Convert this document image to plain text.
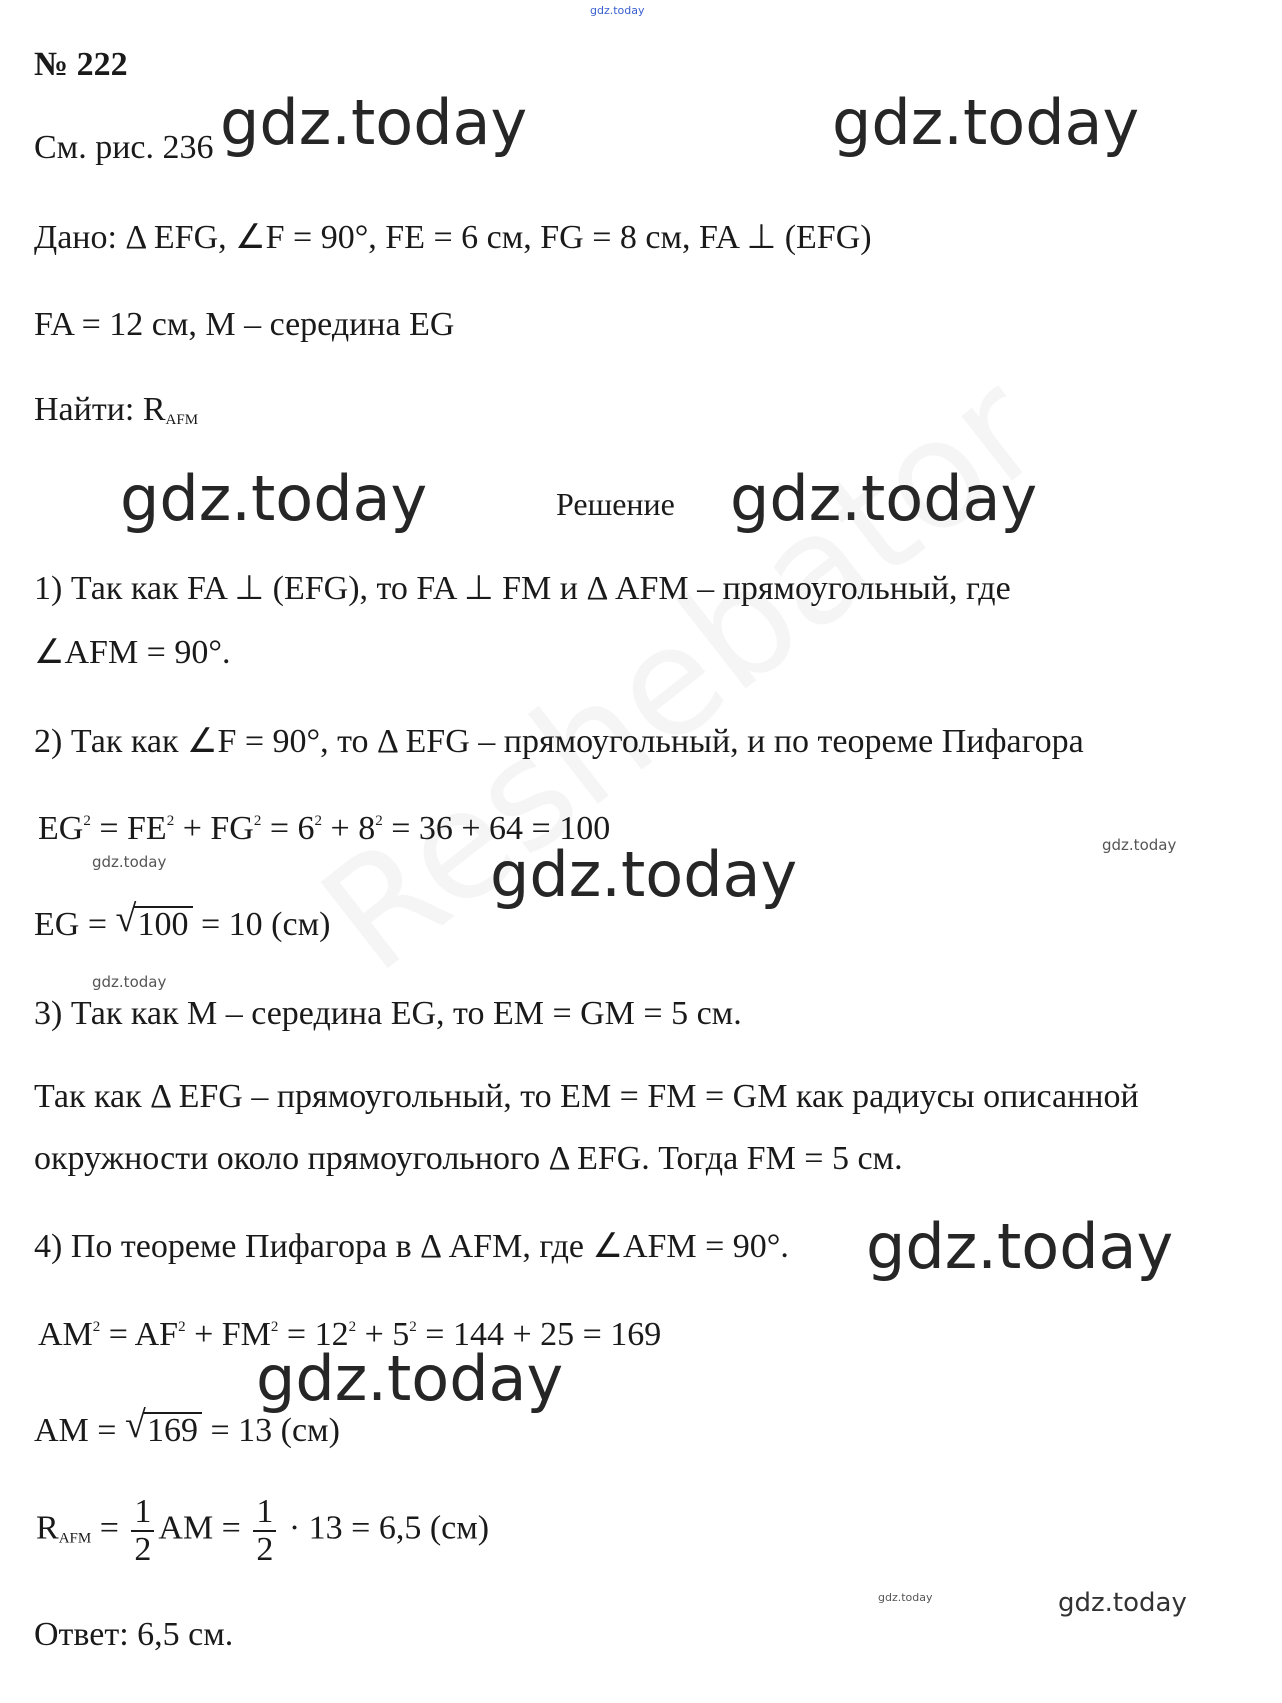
gdz.today
gdz.today	gdz.today
gdz.today	gdz.today
gdz.today
gdz.today
gdz.today
gdz.today
gdz.today
gdz.today
gdz.today	gdz.today
№ 222
См. рис. 236
Дано: Δ EFG, ∠F = 90°, FE = 6 см, FG = 8 см, FA ⊥ (EFG)
FA = 12 см, M – середина EG
Найти: $R_{AFM}$
Решение
1) Так как FA ⊥ (EFG), то FA ⊥ FM и Δ AFM – прямоугольный, где
∠AFM = 90°.
2) Так как ∠F = 90°, то Δ EFG – прямоугольный, и по теореме Пифагора
$EG^2 = FE^2 + FG^2 = 6^2 + 8^2 = 36 + 64 = 100$
EG = √ 100 = 10 (см)
3) Так как M – середина EG, то EM = GM = 5 см.
Так как Δ EFG – прямоугольный, то EM = FM = GM как радиусы описанной
окружности около прямоугольного Δ EFG. Тогда FM = 5 см.
4) По теореме Пифагора в Δ AFM, где ∠AFM = 90°.
$AM^2 = AF^2 + FM^2 = 12^2 + 5^2 = 144 + 25 = 169$
AM = √ 169 = 13 (см)
$R_{AFM} = \frac{1}{2}$ AM = $\frac{1}{2} \cdot 13 = 6,5$ (см)
Ответ: 6,5 см.
